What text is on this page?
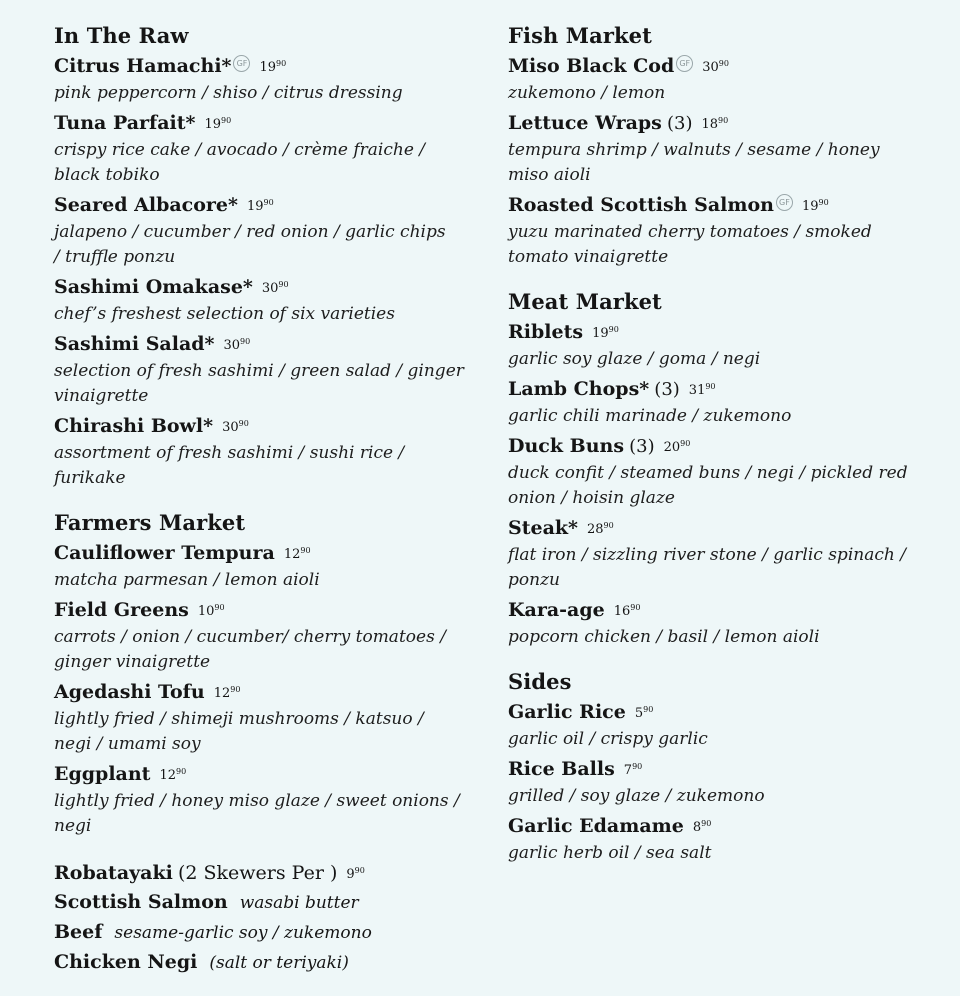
In The Raw
Citrus Hamachi* GF $19^{90}$
pink peppercorn / shiso / citrus dressing
Tuna Parfait* $19^{90}$
crispy rice cake / avocado / crème fraiche /
black tobiko
Seared Albacore* $19^{90}$
jalapeno / cucumber / red onion / garlic chips
/ truffle ponzu
Sashimi Omakase* $30^{90}$
chef’s freshest selection of six varieties
Sashimi Salad* $30^{90}$
selection of fresh sashimi / green salad / ginger
vinaigrette
Chirashi Bowl* $30^{90}$
assortment of fresh sashimi / sushi rice /
furikake
Farmers Market
Cauliflower Tempura $12^{90}$
matcha parmesan / lemon aioli
Field Greens $10^{90}$
carrots / onion / cucumber/ cherry tomatoes /
ginger vinaigrette
Agedashi Tofu $12^{90}$
lightly fried / shimeji mushrooms / katsuo /
negi / umami soy
Eggplant $12^{90}$
lightly fried / honey miso glaze / sweet onions /
negi
Robatayaki (2 Skewers Per ) $9^{90}$
Scottish Salmon wasabi butter
Beef sesame-garlic soy / zukemono
Chicken Negi (salt or teriyaki)
Fish Market
Miso Black Cod GF $30^{90}$
zukemono / lemon
Lettuce Wraps (3) $18^{90}$
tempura shrimp / walnuts / sesame / honey
miso aioli
Roasted Scottish Salmon GF $19^{90}$
yuzu marinated cherry tomatoes / smoked
tomato vinaigrette
Meat Market
Riblets $19^{90}$
garlic soy glaze / goma / negi
Lamb Chops* (3) $31^{90}$
garlic chili marinade / zukemono
Duck Buns (3) $20^{90}$
duck confit / steamed buns / negi / pickled red
onion / hoisin glaze
Steak* $28^{90}$
flat iron / sizzling river stone / garlic spinach /
ponzu
Kara-age $16^{90}$
popcorn chicken / basil / lemon aioli
Sides
Garlic Rice $5^{90}$
garlic oil / crispy garlic
Rice Balls $7^{90}$
grilled / soy glaze / zukemono
Garlic Edamame $8^{90}$
garlic herb oil / sea salt
